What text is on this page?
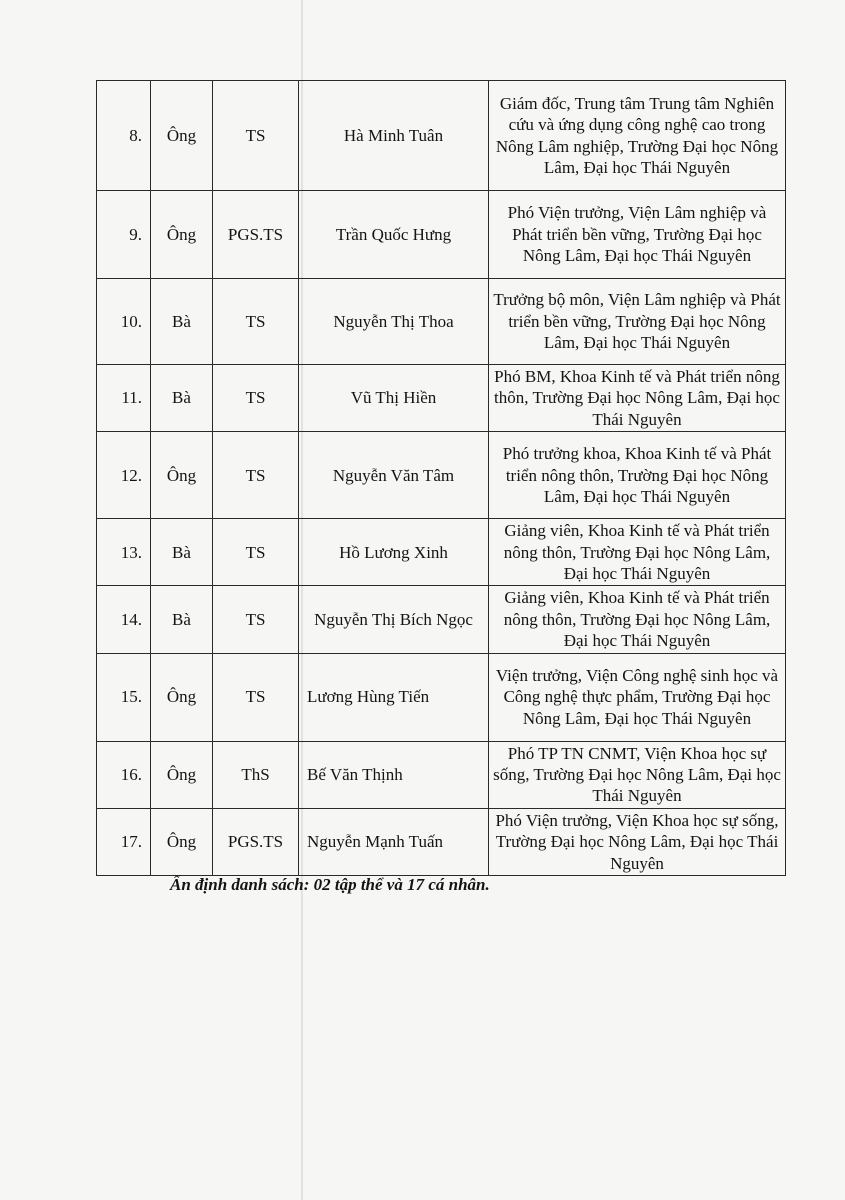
8.	Ông	TS	Hà Minh Tuân	Giám đốc, Trung tâm Trung tâm Nghiên cứu và ứng dụng công nghệ cao trong Nông Lâm nghiệp, Trường Đại học Nông Lâm, Đại học Thái Nguyên
9.	Ông	PGS.TS	Trần Quốc Hưng	Phó Viện trưởng, Viện Lâm nghiệp và Phát triển bền vững, Trường Đại học Nông Lâm, Đại học Thái Nguyên
10.	Bà	TS	Nguyễn Thị Thoa	Trưởng bộ môn, Viện Lâm nghiệp và Phát triển bền vững, Trường Đại học Nông Lâm, Đại học Thái Nguyên
11.	Bà	TS	Vũ Thị Hiền	Phó BM, Khoa Kinh tế và Phát triển nông thôn, Trường Đại học Nông Lâm, Đại học Thái Nguyên
12.	Ông	TS	Nguyễn Văn Tâm	Phó trưởng khoa, Khoa Kinh tế và Phát triển nông thôn, Trường Đại học Nông Lâm, Đại học Thái Nguyên
13.	Bà	TS	Hồ Lương Xinh	Giảng viên, Khoa Kinh tế và Phát triển nông thôn, Trường Đại học Nông Lâm, Đại học Thái Nguyên
14.	Bà	TS	Nguyễn Thị Bích Ngọc	Giảng viên, Khoa Kinh tế và Phát triển nông thôn, Trường Đại học Nông Lâm, Đại học Thái Nguyên
15.	Ông	TS	Lương Hùng Tiến	Viện trưởng, Viện Công nghệ sinh học và Công nghệ thực phẩm, Trường Đại học Nông Lâm, Đại học Thái Nguyên
16.	Ông	ThS	Bế Văn Thịnh	Phó TP TN CNMT, Viện Khoa học sự sống, Trường Đại học Nông Lâm, Đại học Thái Nguyên
17.	Ông	PGS.TS	Nguyễn Mạnh Tuấn	Phó Viện trưởng, Viện Khoa học sự sống, Trường Đại học Nông Lâm, Đại học Thái Nguyên
Ấn định danh sách: 02 tập thể và 17 cá nhân.
